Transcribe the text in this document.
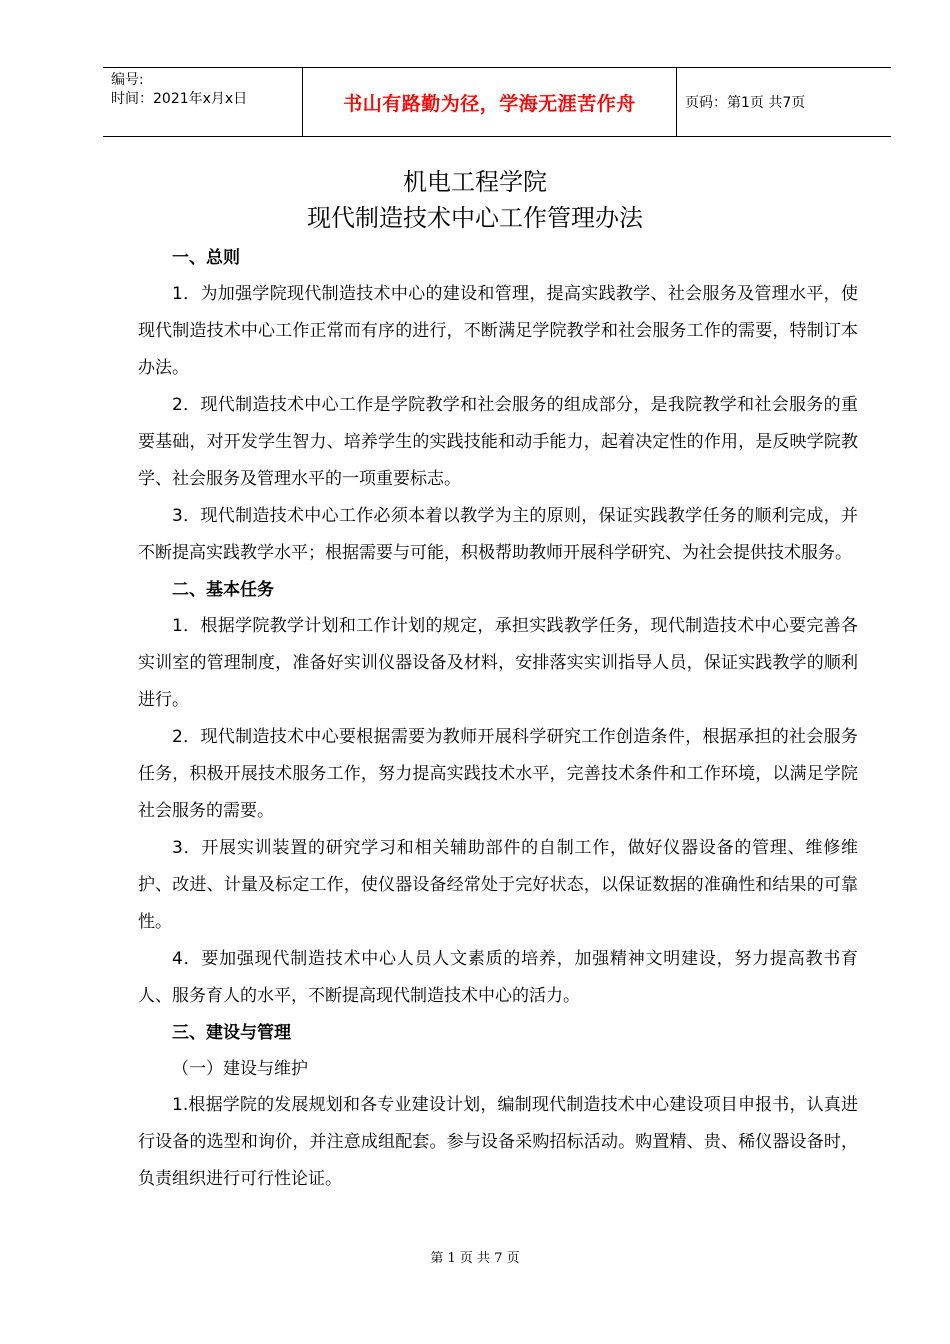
编号:
时间：2021年x月x日	书山有路勤为径，学海无涯苦作舟	页码：第1页 共7页
机电工程学院
现代制造技术中心工作管理办法

一、总则

1．为加强学院现代制造技术中心的建设和管理，提高实践教学、社会服务及管理水平，使现代制造技术中心工作正常而有序的进行，不断满足学院教学和社会服务工作的需要，特制订本办法。

2．现代制造技术中心工作是学院教学和社会服务的组成部分，是我院教学和社会服务的重要基础，对开发学生智力、培养学生的实践技能和动手能力，起着决定性的作用，是反映学院教学、社会服务及管理水平的一项重要标志。

3．现代制造技术中心工作必须本着以教学为主的原则，保证实践教学任务的顺利完成，并不断提高实践教学水平；根据需要与可能，积极帮助教师开展科学研究、为社会提供技术服务。

二、基本任务

1．根据学院教学计划和工作计划的规定，承担实践教学任务，现代制造技术中心要完善各实训室的管理制度，准备好实训仪器设备及材料，安排落实实训指导人员，保证实践教学的顺利进行。

2．现代制造技术中心要根据需要为教师开展科学研究工作创造条件，根据承担的社会服务任务，积极开展技术服务工作，努力提高实践技术水平，完善技术条件和工作环境，以满足学院社会服务的需要。

3．开展实训装置的研究学习和相关辅助部件的自制工作，做好仪器设备的管理、维修维护、改进、计量及标定工作，使仪器设备经常处于完好状态，以保证数据的准确性和结果的可靠性。

4．要加强现代制造技术中心人员人文素质的培养，加强精神文明建设，努力提高教书育人、服务育人的水平，不断提高现代制造技术中心的活力。

三、建设与管理

（一）建设与维护

1.根据学院的发展规划和各专业建设计划，编制现代制造技术中心建设项目申报书，认真进行设备的选型和询价，并注意成组配套。参与设备采购招标活动。购置精、贵、稀仪器设备时，负责组织进行可行性论证。

第 1 页 共 7 页
